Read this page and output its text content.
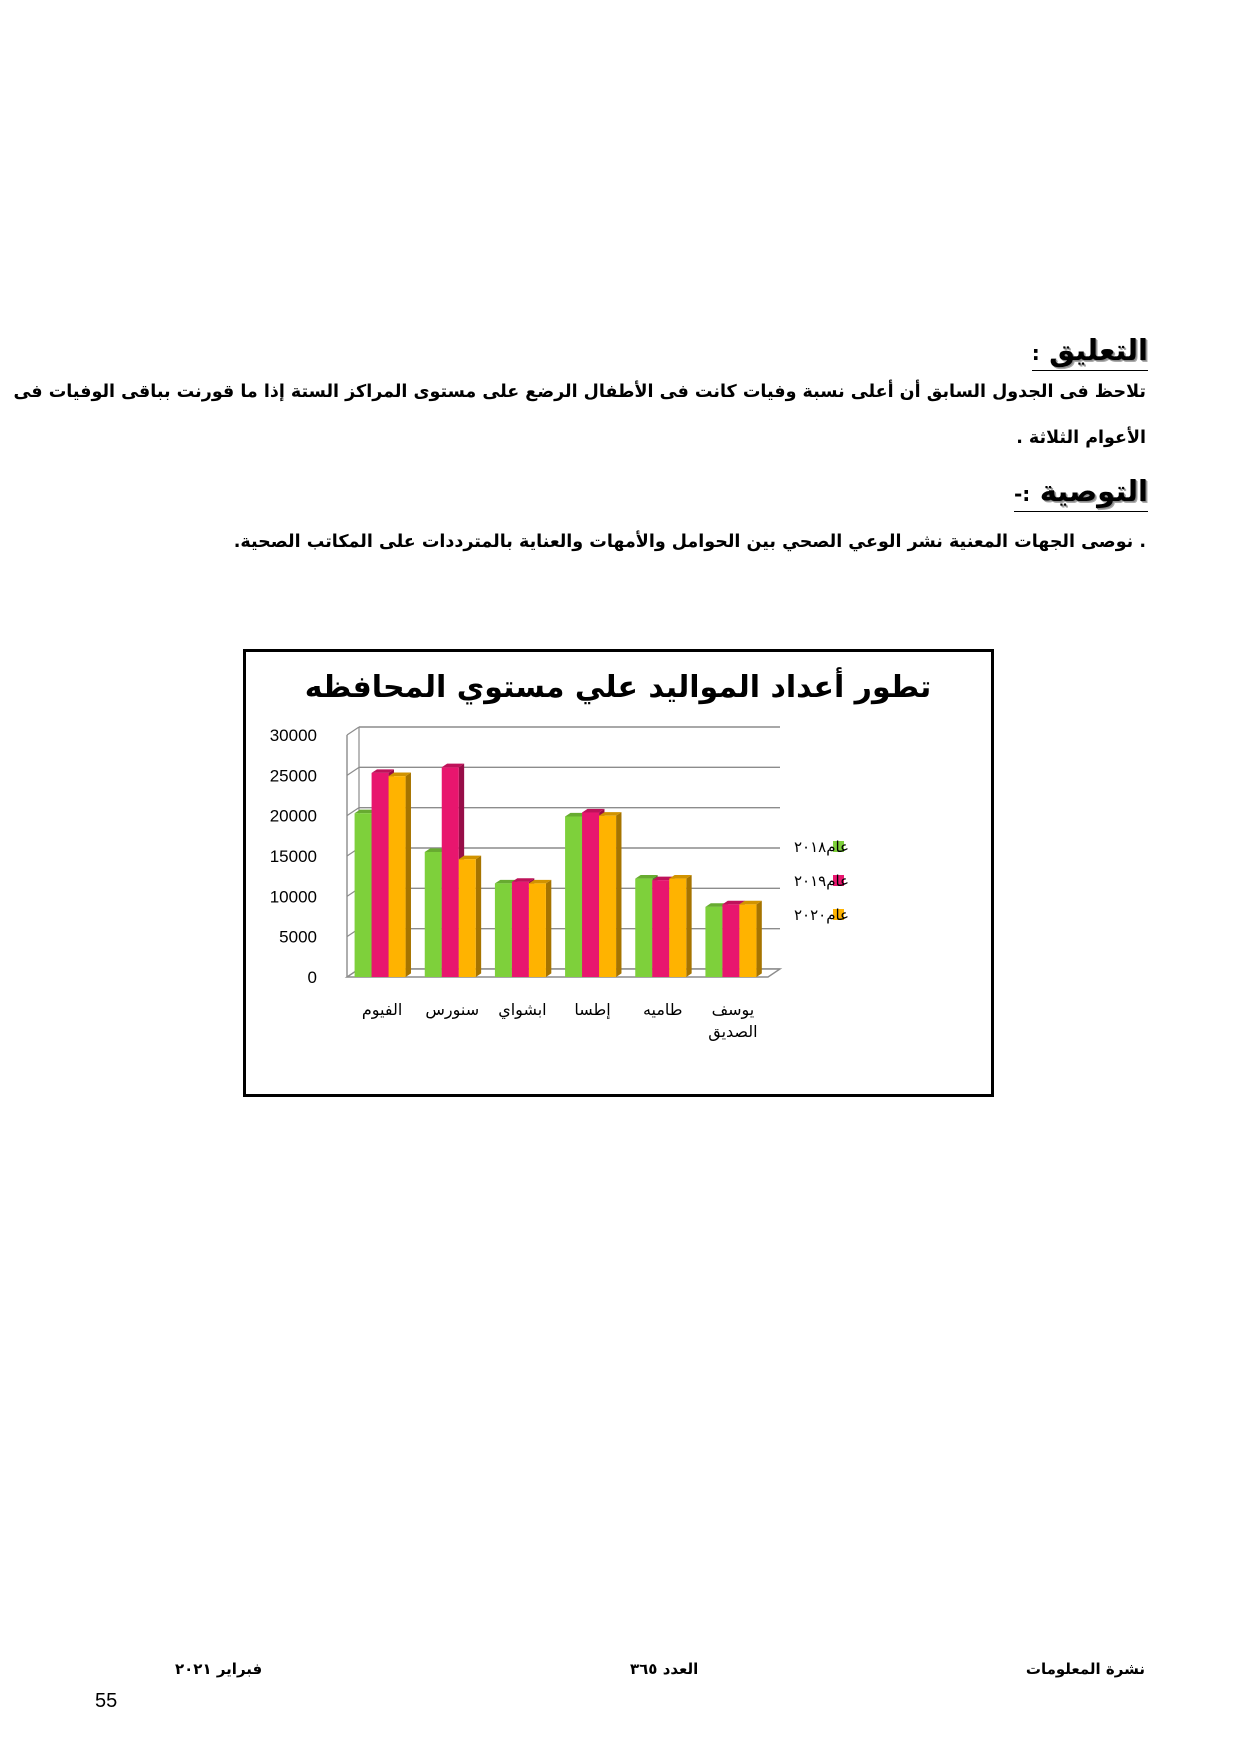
التعليق :
تلاحظ فى الجدول السابق أن أعلى نسبة وفيات كانت فى الأطفال الرضع على مستوى المراكز الستة إذا ما قورنت بباقى الوفيات فى
الأعوام الثلاثة .
التوصية :-
. نوصى الجهات المعنية نشر الوعي الصحي بين الحوامل والأمهات والعناية بالمترددات على المكاتب الصحية.
تطور أعداد المواليد علي مستوي المحافظه
0
5000
10000
15000
20000
25000
30000
الفيوم سنورس ابشواي إطسا طاميه يوسف
الصديق
عام٢٠١٨
عام٢٠١٩
عام٢٠٢٠
نشرة المعلومات
العدد ٣٦٥
فبراير ٢٠٢١
55
